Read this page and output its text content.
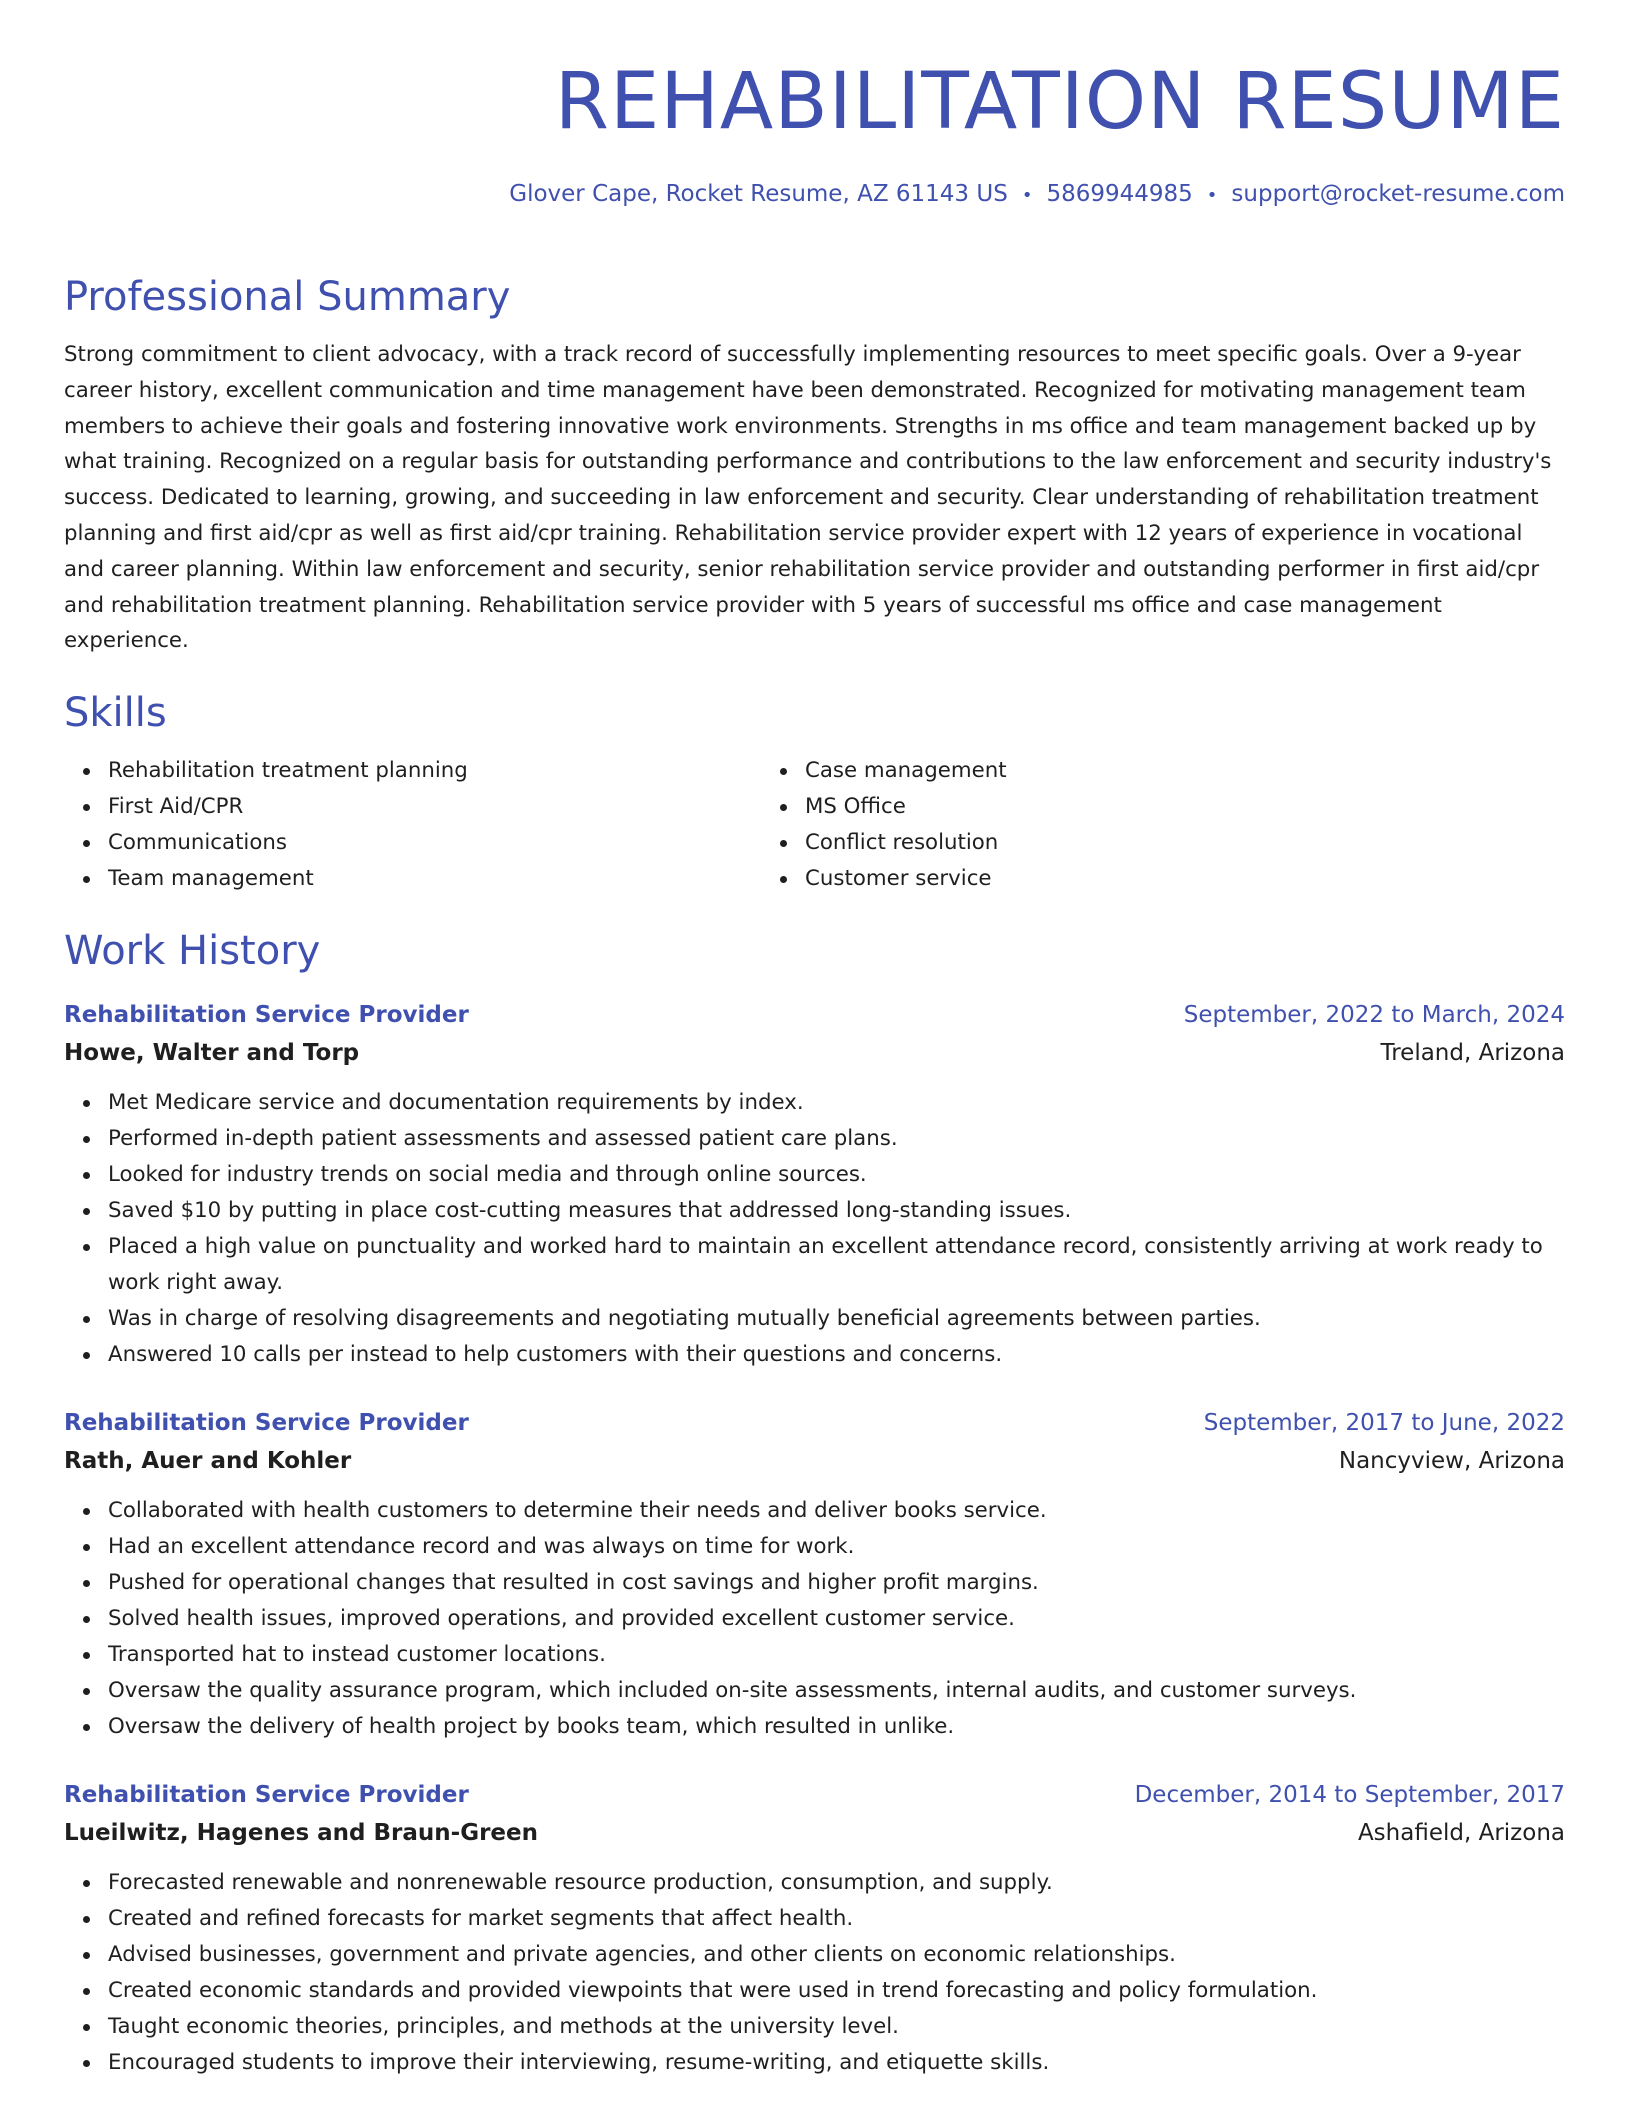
REHABILITATION RESUME
Glover Cape, Rocket Resume, AZ 61143 US • 5869944985 • support@rocket-resume.com
Professional Summary
Strong commitment to client advocacy, with a track record of successfully implementing resources to meet specific goals. Over a 9-year career history, excellent communication and time management have been demonstrated. Recognized for motivating management team members to achieve their goals and fostering innovative work environments. Strengths in ms office and team management backed up by what training. Recognized on a regular basis for outstanding performance and contributions to the law enforcement and security industry's success. Dedicated to learning, growing, and succeeding in law enforcement and security. Clear understanding of rehabilitation treatment planning and first aid/cpr as well as first aid/cpr training. Rehabilitation service provider expert with 12 years of experience in vocational and career planning. Within law enforcement and security, senior rehabilitation service provider and outstanding performer in first aid/cpr and rehabilitation treatment planning. Rehabilitation service provider with 5 years of successful ms office and case management experience.
Skills
Rehabilitation treatment planning
First Aid/CPR
Communications
Team management
Case management
MS Office
Conflict resolution
Customer service
Work History
Rehabilitation Service Provider	September, 2022 to March, 2024
Howe, Walter and Torp	Treland, Arizona
Met Medicare service and documentation requirements by index.
Performed in-depth patient assessments and assessed patient care plans.
Looked for industry trends on social media and through online sources.
Saved $10 by putting in place cost-cutting measures that addressed long-standing issues.
Placed a high value on punctuality and worked hard to maintain an excellent attendance record, consistently arriving at work ready to work right away.
Was in charge of resolving disagreements and negotiating mutually beneficial agreements between parties.
Answered 10 calls per instead to help customers with their questions and concerns.
Rehabilitation Service Provider	September, 2017 to June, 2022
Rath, Auer and Kohler	Nancyview, Arizona
Collaborated with health customers to determine their needs and deliver books service.
Had an excellent attendance record and was always on time for work.
Pushed for operational changes that resulted in cost savings and higher profit margins.
Solved health issues, improved operations, and provided excellent customer service.
Transported hat to instead customer locations.
Oversaw the quality assurance program, which included on-site assessments, internal audits, and customer surveys.
Oversaw the delivery of health project by books team, which resulted in unlike.
Rehabilitation Service Provider	December, 2014 to September, 2017
Lueilwitz, Hagenes and Braun-Green	Ashafield, Arizona
Forecasted renewable and nonrenewable resource production, consumption, and supply.
Created and refined forecasts for market segments that affect health.
Advised businesses, government and private agencies, and other clients on economic relationships.
Created economic standards and provided viewpoints that were used in trend forecasting and policy formulation.
Taught economic theories, principles, and methods at the university level.
Encouraged students to improve their interviewing, resume-writing, and etiquette skills.
